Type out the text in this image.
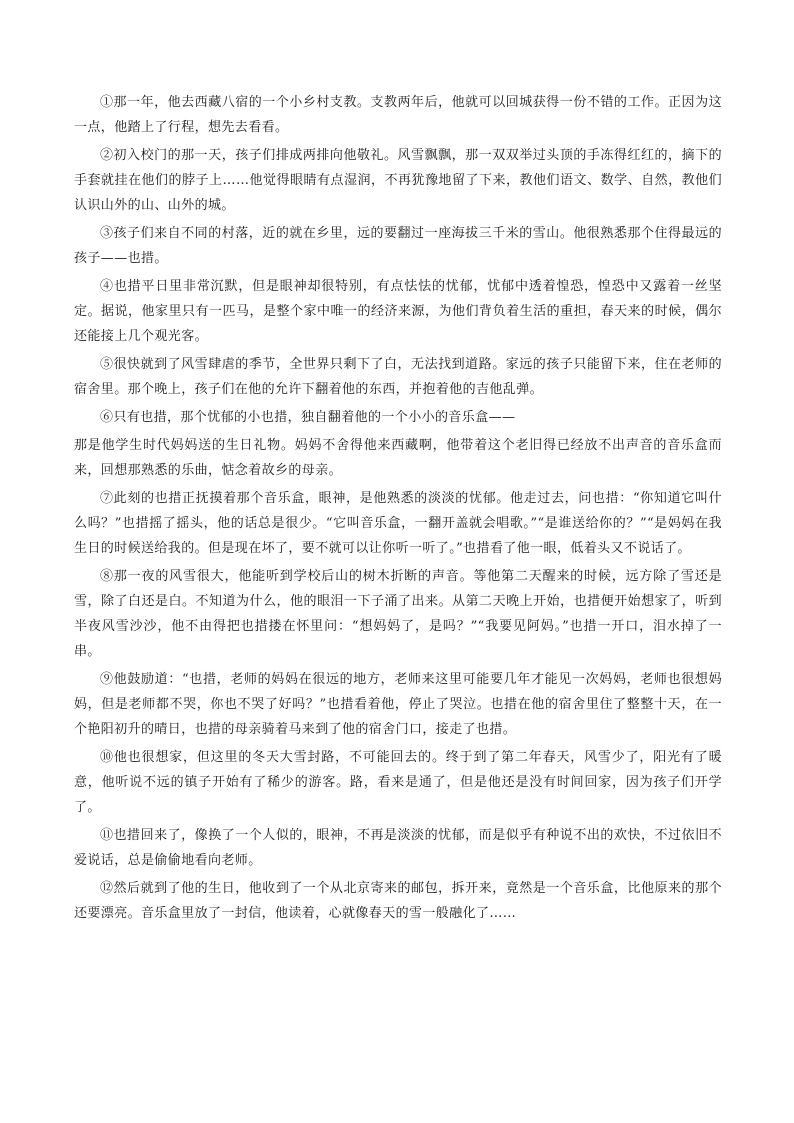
①那一年，他去西藏八宿的一个小乡村支教。支教两年后，他就可以回城获得一份不错的工作。正因为这一点，他踏上了行程，想先去看看。

②初入校门的那一天，孩子们排成两排向他敬礼。风雪飘飘，那一双双举过头顶的手冻得红红的，摘下的手套就挂在他们的脖子上……他觉得眼睛有点湿润，不再犹豫地留了下来，教他们语文、数学、自然，教他们认识山外的山、山外的城。

③孩子们来自不同的村落，近的就在乡里，远的要翻过一座海拔三千米的雪山。他很熟悉那个住得最远的孩子——也措。

④也措平日里非常沉默，但是眼神却很特别，有点怯怯的忧郁，忧郁中透着惶恐，惶恐中又露着一丝坚定。据说，他家里只有一匹马，是整个家中唯一的经济来源，为他们背负着生活的重担，春天来的时候，偶尔还能接上几个观光客。

⑤很快就到了风雪肆虐的季节，全世界只剩下了白，无法找到道路。家远的孩子只能留下来，住在老师的宿舍里。那个晚上，孩子们在他的允许下翻着他的东西，并抱着他的吉他乱弹。

⑥只有也措，那个忧郁的小也措，独自翻着他的一个小小的音乐盒——

那是他学生时代妈妈送的生日礼物。妈妈不舍得他来西藏啊，他带着这个老旧得已经放不出声音的音乐盒而来，回想那熟悉的乐曲，惦念着故乡的母亲。

⑦此刻的也措正抚摸着那个音乐盒，眼神，是他熟悉的淡淡的忧郁。他走过去，问也措：“你知道它叫什么吗？”也措摇了摇头，他的话总是很少。“它叫音乐盒，一翻开盖就会唱歌。”“是谁送给你的？”“是妈妈在我生日的时候送给我的。但是现在坏了，要不就可以让你听一听了。”也措看了他一眼，低着头又不说话了。

⑧那一夜的风雪很大，他能听到学校后山的树木折断的声音。等他第二天醒来的时候，远方除了雪还是雪，除了白还是白。不知道为什么，他的眼泪一下子涌了出来。从第二天晚上开始，也措便开始想家了，听到半夜风雪沙沙，他不由得把也措搂在怀里问：“想妈妈了，是吗？”“我要见阿妈。”也措一开口，泪水掉了一串。

⑨他鼓励道：“也措，老师的妈妈在很远的地方，老师来这里可能要几年才能见一次妈妈，老师也很想妈妈，但是老师都不哭，你也不哭了好吗？”也措看着他，停止了哭泣。也措在他的宿舍里住了整整十天，在一个艳阳初升的晴日，也措的母亲骑着马来到了他的宿舍门口，接走了也措。

⑩他也很想家，但这里的冬天大雪封路，不可能回去的。终于到了第二年春天，风雪少了，阳光有了暖意，他听说不远的镇子开始有了稀少的游客。路，看来是通了，但是他还是没有时间回家，因为孩子们开学了。

⑪也措回来了，像换了一个人似的，眼神，不再是淡淡的忧郁，而是似乎有种说不出的欢快，不过依旧不爱说话，总是偷偷地看向老师。

⑫然后就到了他的生日，他收到了一个从北京寄来的邮包，拆开来，竟然是一个音乐盒，比他原来的那个还要漂亮。音乐盒里放了一封信，他读着，心就像春天的雪一般融化了……
